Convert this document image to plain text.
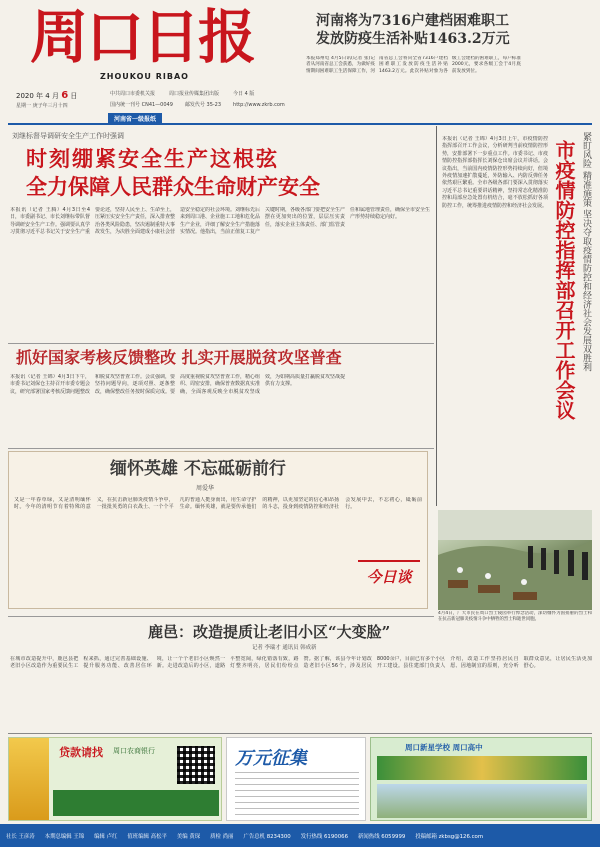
周口日报
ZHOUKOU RIBAO
2020 年 4 月 6 日
星期一 庚子年三月十四
中共周口市委机关报	周口报业传媒集团出版	今日 4 版
国内统一刊号 CN41—0049 邮发代号 35-23 http://www.zkrb.com
河南省一级报纸
河南将为7316户建档困难职工
发放防疫生活补贴1463.2万元
本报郑州电 4月5日讯(记者 张)记者从河南省总工会获悉，为做好疫情期间困难职工生活保障工作，河南省总工会将向全省7316户建档困难职工发放防疫生活补贴1463.2万元。此次补贴对象为各级工会建档的困难职工，每户标准2000元，要求各级工会于4月底前发放到位。
刘继标督导调研安全生产工作时强调
时刻绷紧安全生产这根弦
全力保障人民群众生命财产安全
本报讯（记者 王腾）4月3日至4日，市委副书记、市长刘继标带队督导调研安全生产工作。强调要认真学习贯彻习近平总书记关于安全生产重要论述，坚持人民至上、生命至上，压紧压实安全生产责任，深入排查整治各类风险隐患，坚决遏制重特大事故发生，为决胜全面建成小康社会营造安全稳定的社会环境。刘继标先后来到周口港、企业施工工地和危化品生产企业，详细了解安全生产措施落实情况。他指出，当前正值复工复产关键时期，各级各部门要把安全生产摆在更加突出的位置，层层压实责任，落实企业主体责任、部门监管责任和属地管理责任，确保全市安全生产形势持续稳定向好。	紧盯风险 精准施策 坚决夺取疫情防控和经济社会发展双胜利
市疫情防控指挥部召开工作会议
本报讯（记者 王锦）4月3日上午，市疫情防控指挥部召开工作会议，分析研判当前疫情防控形势，安排部署下一步重点工作。市委书记、市疫情防控指挥部指挥长刘保仓出席会议并讲话。会议指出，当前国内疫情防控形势持续向好，但境外疫情加速扩散蔓延，外防输入、内防反弹任务依然艰巨繁重。全市各级各部门要深入贯彻落实习近平总书记重要讲话精神，坚持常态化精准防控和局部应急处置有机结合，毫不放松抓好各项防控工作，统筹推进疫情防控和经济社会发展。
抓好国家考核反馈整改 扎实开展脱贫攻坚普查
本报讯（记者 王锦）4月3日下午，市委书记刘保仓主持召开市委专题会议，研究部署国家考核反馈问题整改和脱贫攻坚普查工作。会议强调，要坚持问题导向，逐项对照、逐条整改，确保整改任务按时保质完成。要高度重视脱贫攻坚普查工作，精心组织、周密安排，确保普查数据真实准确，全面客观反映全市脱贫攻坚成效，为如期高质量打赢脱贫攻坚战提供有力支撑。
缅怀英雄 不忘砥砺前行
周爱华
又是一年春草绿，又是清明缅怀时。今年的清明节有着特殊的意义，在抗击新冠肺炎疫情斗争中，一批批英勇的白衣战士、一个个平凡的普通人挺身而出，用生命守护生命。缅怀英雄，就是要传承他们的精神，以更加坚定的信心和昂扬的斗志，投身到疫情防控和经济社会发展中去，不忘初心，砥砺前行。
今日谈
4月4日，广大市民在周口烈士陵园举行悼念活动，深切缅怀为国捐躯的烈士和在抗击新冠肺炎疫情斗争中牺牲的烈士和逝世同胞。
鹿邑：改造提质让老旧小区“大变脸”
记者 李瑞才 通讯员 韩成新
在城市改造提升中，鹿邑县把老旧小区改造作为重要民生工程来抓，通过完善基础设施、提升服务功能、改善居住环境，让一个个老旧小区焕然一新。走进改造后的小区，道路平整宽阔，绿化错落有致，路灯整齐明亮，居民们纷纷点赞。据了解，该县今年计划改造老旧小区56个，涉及居民8000余户，目前已有多个小区开工建设。县住建部门负责人介绍，改造工作坚持居民自愿、因地制宜的原则，充分听取群众意见，让居民生活更加舒心。
贷款请找 周口农商银行	万元征集
周口新星学校 周口高中
社长 王彦涛 本期总编辑 王锦 编辑 卢红 值班编辑 高松平 美编 黄琛 质检 尚丽 广告总机 8234300 发行热线 6190066 新闻热线 6059999 投稿邮箱 zkbsg@126.com
